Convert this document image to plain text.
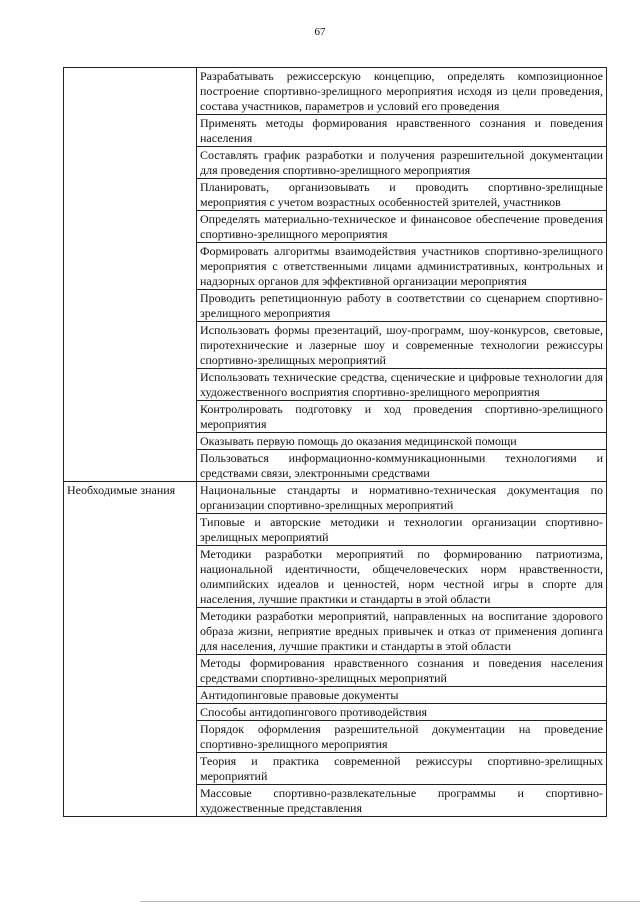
67
	Разрабатывать режиссерскую концепцию, определять композиционное построение спортивно-зрелищного мероприятия исходя из цели проведения, состава участников, параметров и условий его проведения
	Применять методы формирования нравственного сознания и поведения населения
	Составлять график разработки и получения разрешительной документации для проведения спортивно-зрелищного мероприятия
	Планировать, организовывать и проводить спортивно-зрелищные мероприятия с учетом возрастных особенностей зрителей, участников
	Определять материально-техническое и финансовое обеспечение проведения спортивно-зрелищного мероприятия
	Формировать алгоритмы взаимодействия участников спортивно-зрелищного мероприятия с ответственными лицами административных, контрольных и надзорных органов для эффективной организации мероприятия
	Проводить репетиционную работу в соответствии со сценарием спортивно-зрелищного мероприятия
	Использовать формы презентаций, шоу-программ, шоу-конкурсов, световые, пиротехнические и лазерные шоу и современные технологии режиссуры спортивно-зрелищных мероприятий
	Использовать технические средства, сценические и цифровые технологии для художественного восприятия спортивно-зрелищного мероприятия
	Контролировать подготовку и ход проведения спортивно-зрелищного мероприятия
	Оказывать первую помощь до оказания медицинской помощи
	Пользоваться информационно-коммуникационными технологиями и средствами связи, электронными средствами
Необходимые знания	Национальные стандарты и нормативно-техническая документация по организации спортивно-зрелищных мероприятий
	Типовые и авторские методики и технологии организации спортивно-зрелищных мероприятий
	Методики разработки мероприятий по формированию патриотизма, национальной идентичности, общечеловеческих норм нравственности, олимпийских идеалов и ценностей, норм честной игры в спорте для населения, лучшие практики и стандарты в этой области
	Методики разработки мероприятий, направленных на воспитание здорового образа жизни, неприятие вредных привычек и отказ от применения допинга для населения, лучшие практики и стандарты в этой области
	Методы формирования нравственного сознания и поведения населения средствами спортивно-зрелищных мероприятий
	Антидопинговые правовые документы
	Способы антидопингового противодействия
	Порядок оформления разрешительной документации на проведение спортивно-зрелищного мероприятия
	Теория и практика современной режиссуры спортивно-зрелищных мероприятий
	Массовые спортивно-развлекательные программы и спортивно-художественные представления
